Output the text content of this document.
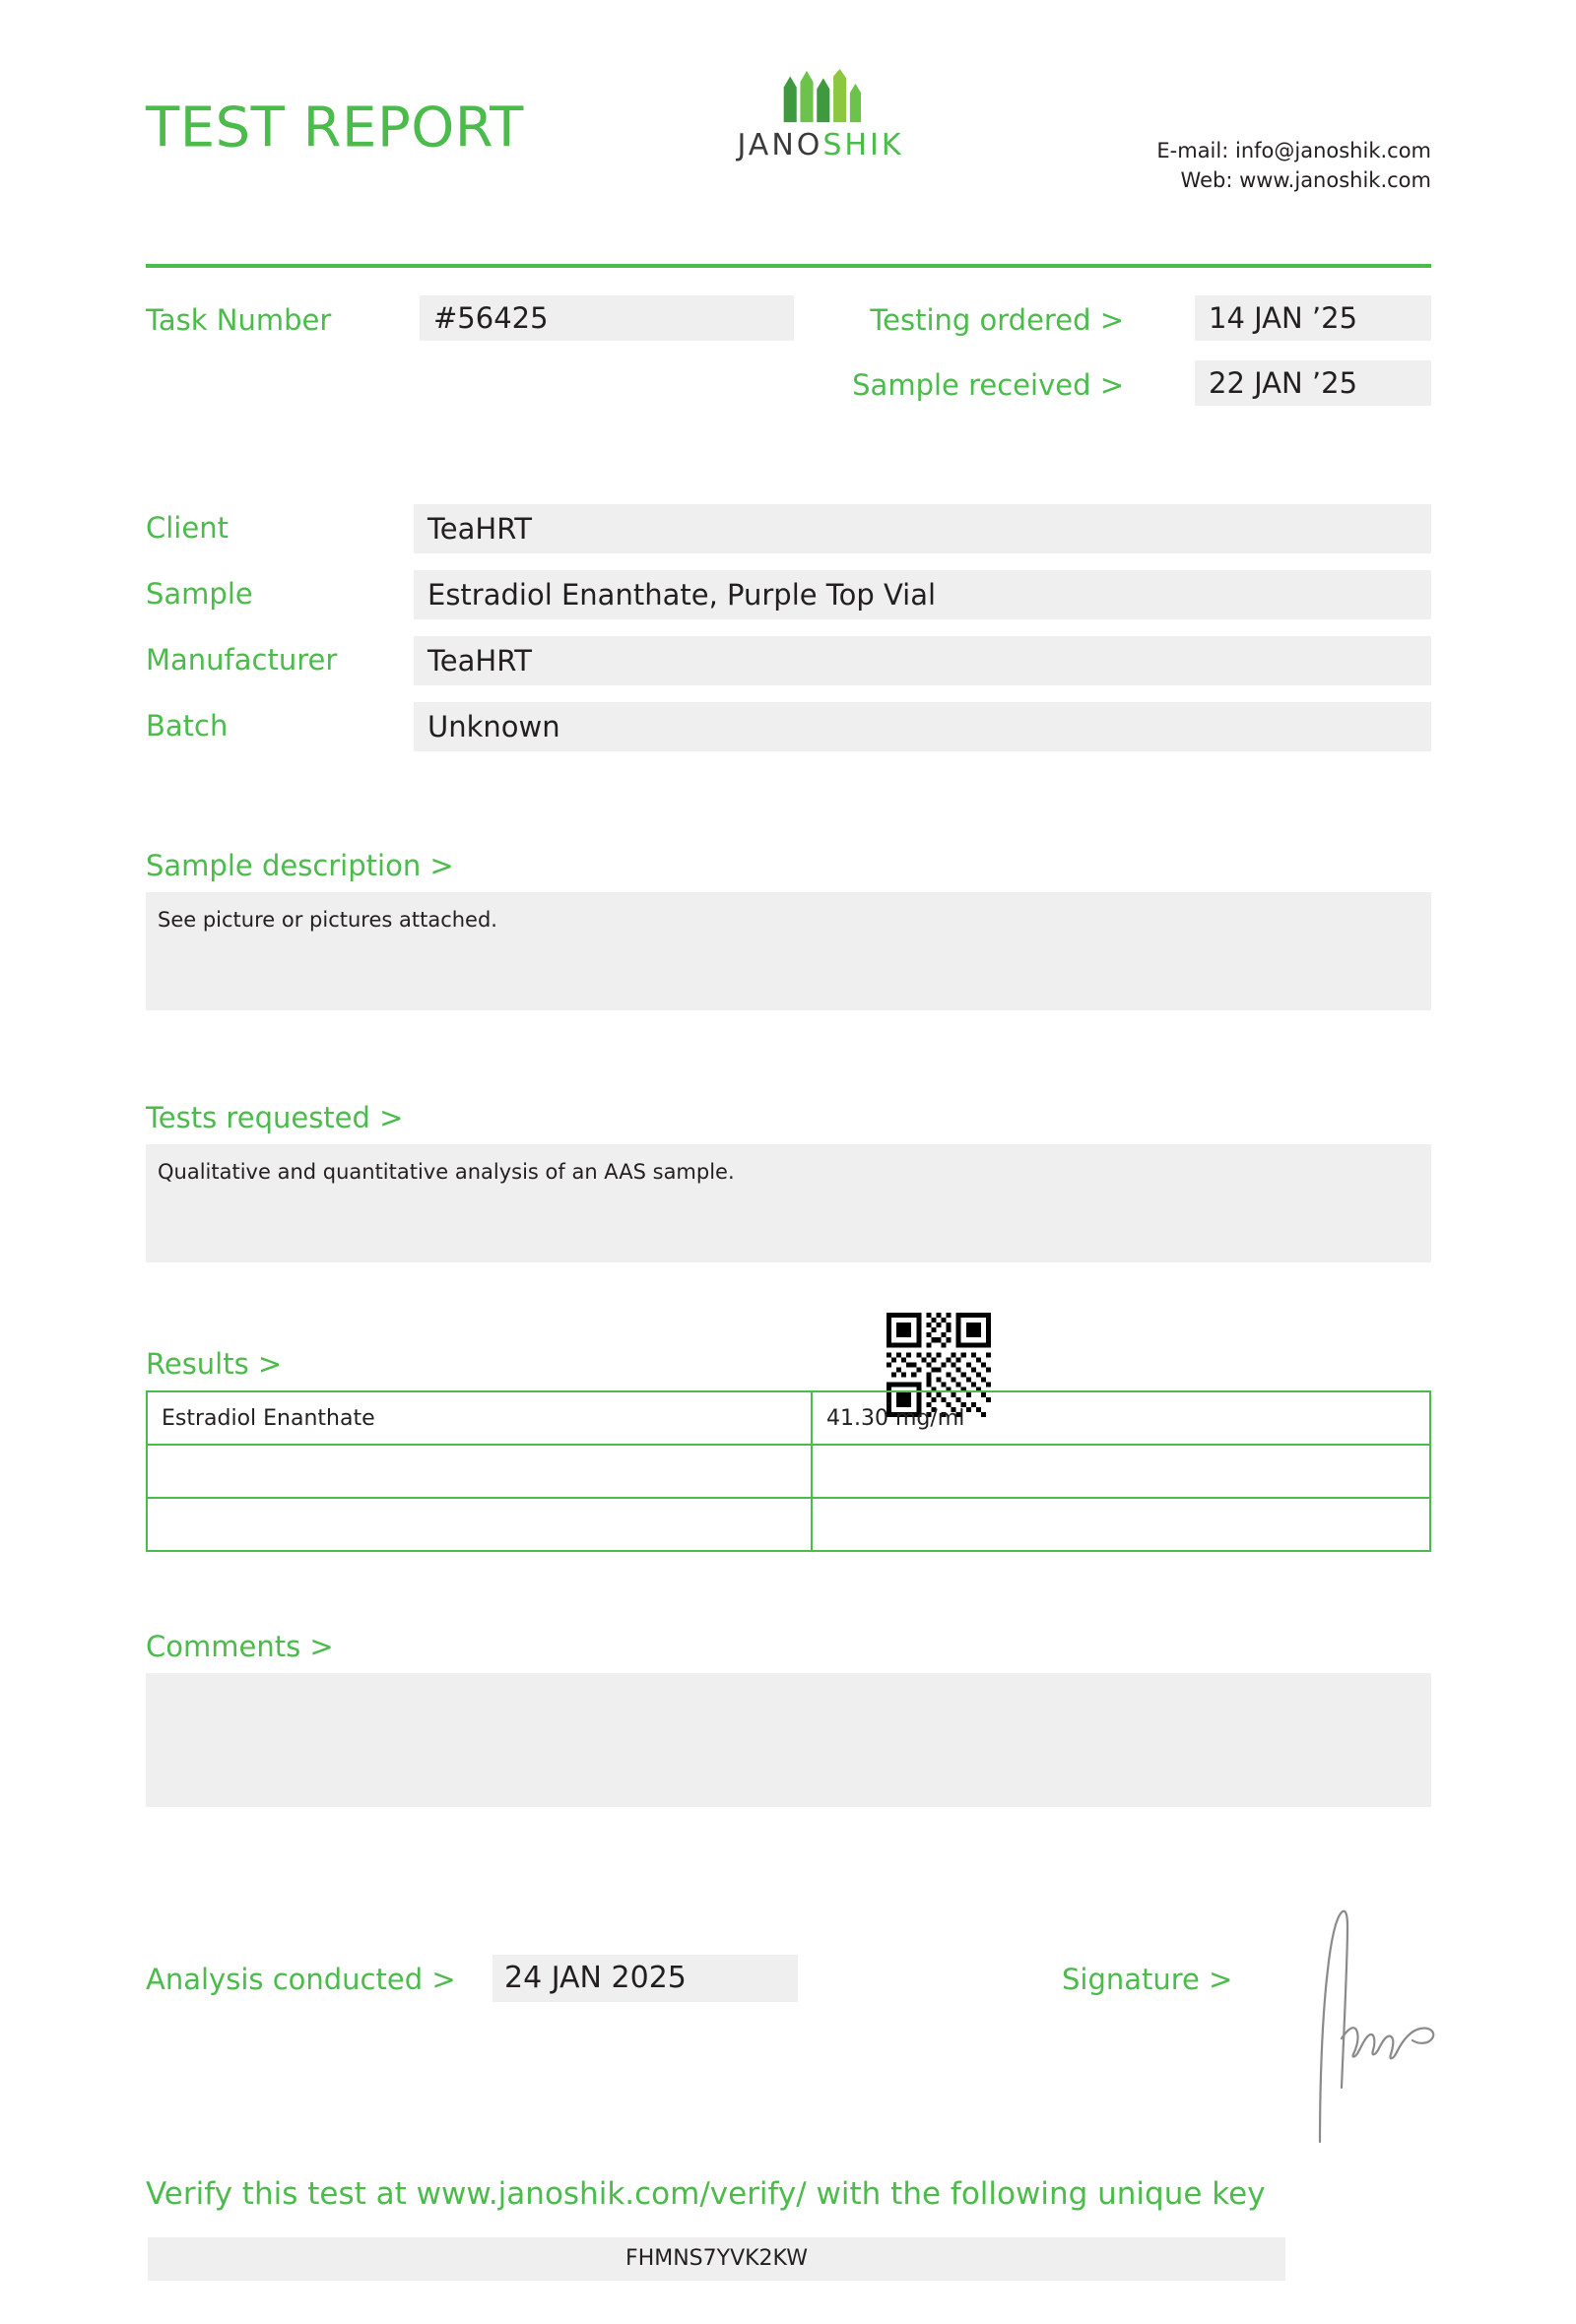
TEST REPORT	JANOSHIK	E-mail: info@janoshik.com
Web: www.janoshik.com
Task Number	#56425	Testing ordered >	14 JAN ’25
Sample received >	22 JAN ’25
Client	TeaHRT
Sample	Estradiol Enanthate, Purple Top Vial
Manufacturer	TeaHRT
Batch	Unknown
Sample description >
See picture or pictures attached.
Tests requested >
Qualitative and quantitative analysis of an AAS sample.
Results >
Estradiol Enanthate	41.30 mg/ml

Comments >
Analysis conducted >	24 JAN 2025	Signature >
Verify this test at www.janoshik.com/verify/ with the following unique key
FHMNS7YVK2KW
